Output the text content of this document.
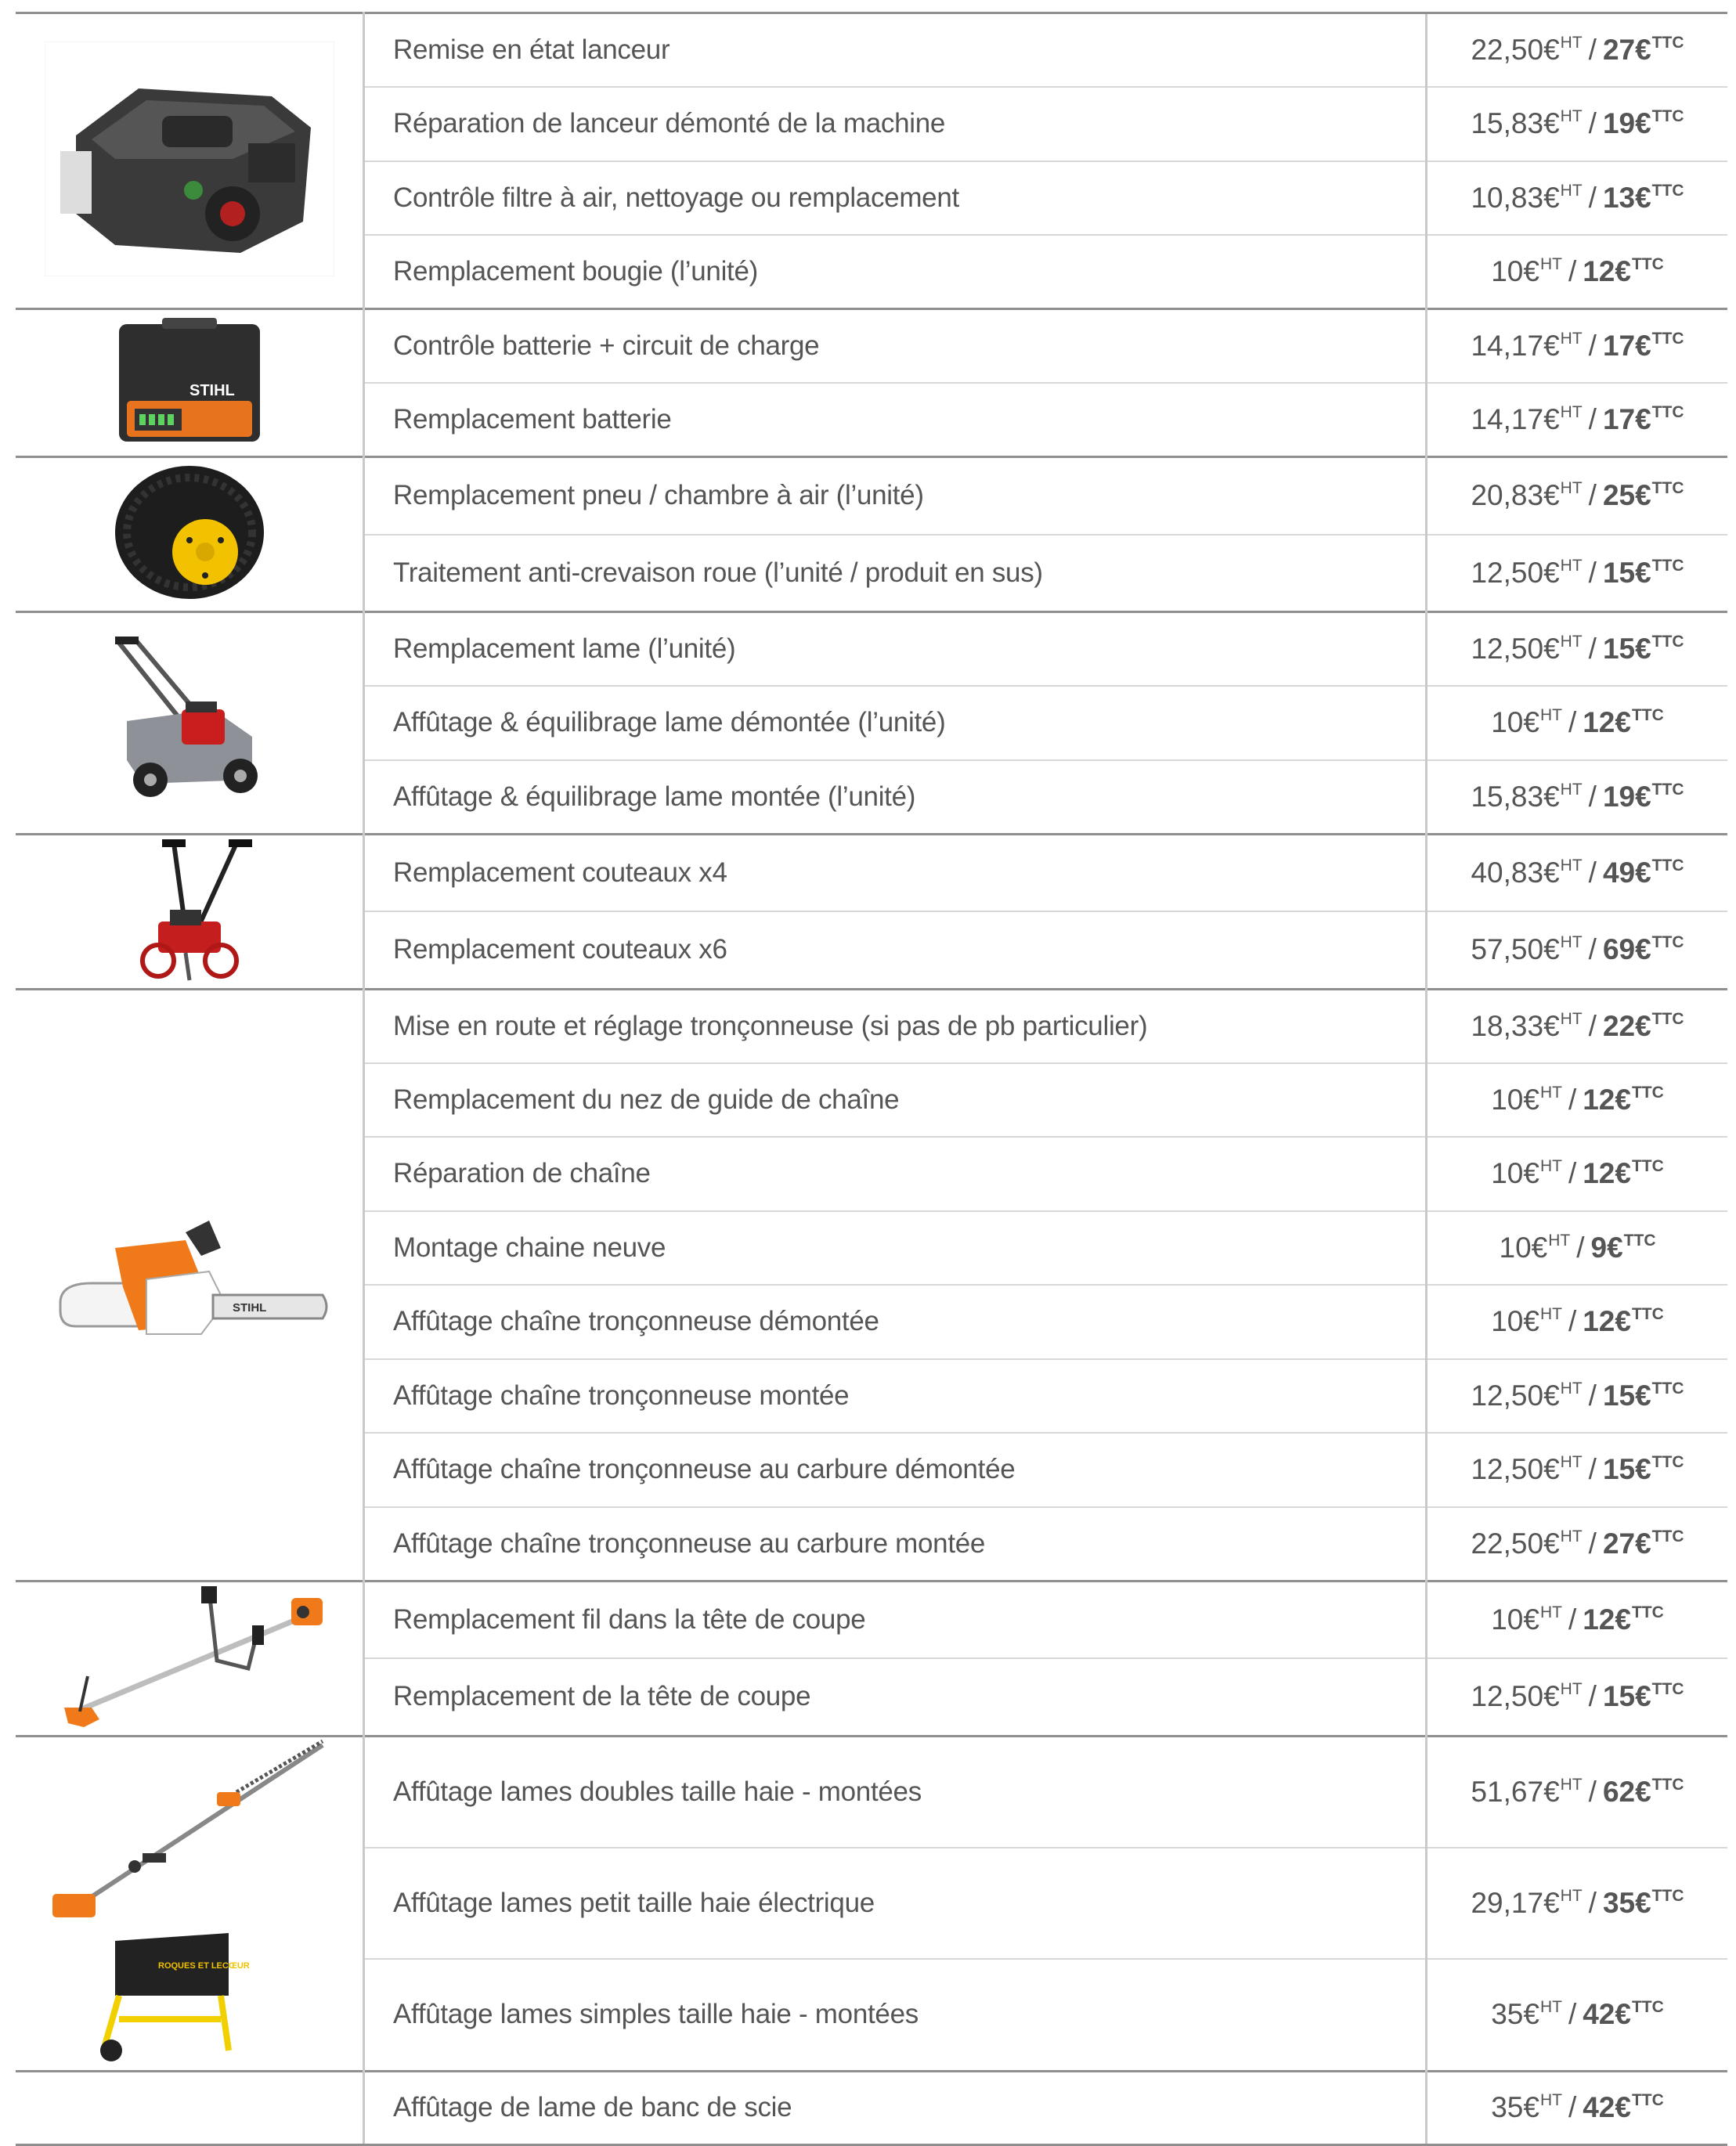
	Remise en état lanceur	22,50€$^{HT}$ / 27€$^{TTC}$
	Réparation de lanceur démonté de la machine	15,83€$^{HT}$ / 19€$^{TTC}$
	Contrôle filtre à air, nettoyage ou remplacement	10,83€$^{HT}$ / 13€$^{TTC}$
	Remplacement bougie (l’unité)	10€$^{HT}$ / 12€$^{TTC}$

STIHL	Contrôle batterie + circuit de charge	14,17€$^{HT}$ / 17€$^{TTC}$
	Remplacement batterie	14,17€$^{HT}$ / 17€$^{TTC}$

	Remplacement pneu / chambre à air (l’unité)	20,83€$^{HT}$ / 25€$^{TTC}$
	Traitement anti-crevaison roue (l’unité / produit en sus)	12,50€$^{HT}$ / 15€$^{TTC}$

	Remplacement lame (l’unité)	12,50€$^{HT}$ / 15€$^{TTC}$
	Affûtage & équilibrage lame démontée (l’unité)	10€$^{HT}$ / 12€$^{TTC}$
	Affûtage & équilibrage lame montée (l’unité)	15,83€$^{HT}$ / 19€$^{TTC}$

	Remplacement couteaux x4	40,83€$^{HT}$ / 49€$^{TTC}$
	Remplacement couteaux x6	57,50€$^{HT}$ / 69€$^{TTC}$

STIHL	Mise en route et réglage tronçonneuse (si pas de pb particulier)	18,33€$^{HT}$ / 22€$^{TTC}$
	Remplacement du nez de guide de chaîne	10€$^{HT}$ / 12€$^{TTC}$
	Réparation de chaîne	10€$^{HT}$ / 12€$^{TTC}$
	Montage chaine neuve	10€$^{HT}$ / 9€$^{TTC}$
	Affûtage chaîne tronçonneuse démontée	10€$^{HT}$ / 12€$^{TTC}$
	Affûtage chaîne tronçonneuse montée	12,50€$^{HT}$ / 15€$^{TTC}$
	Affûtage chaîne tronçonneuse au carbure démontée	12,50€$^{HT}$ / 15€$^{TTC}$
	Affûtage chaîne tronçonneuse au carbure montée	22,50€$^{HT}$ / 27€$^{TTC}$

	Remplacement fil dans la tête de coupe	10€$^{HT}$ / 12€$^{TTC}$
	Remplacement de la tête de coupe	12,50€$^{HT}$ / 15€$^{TTC}$

ROQUES ET LECŒUR	Affûtage lames doubles taille haie - montées	51,67€$^{HT}$ / 62€$^{TTC}$
	Affûtage lames petit taille haie électrique	29,17€$^{HT}$ / 35€$^{TTC}$
	Affûtage lames simples taille haie - montées	35€$^{HT}$ / 42€$^{TTC}$
	Affûtage de lame de banc de scie	35€$^{HT}$ / 42€$^{TTC}$
